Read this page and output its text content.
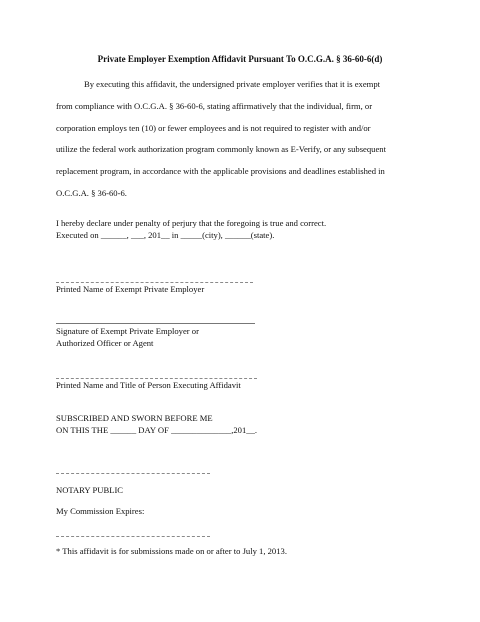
Private Employer Exemption Affidavit Pursuant To O.C.G.A. § 36-60-6(d)
By executing this affidavit, the undersigned private employer verifies that it is exempt
from compliance with O.C.G.A. § 36-60-6, stating affirmatively that the individual, firm, or
corporation employs ten (10) or fewer employees and is not required to register with and/or
utilize the federal work authorization program commonly known as E-Verify, or any subsequent
replacement program, in accordance with the applicable provisions and deadlines established in
O.C.G.A. § 36-60-6.
I hereby declare under penalty of perjury that the foregoing is true and correct.
Executed on ______, ___, 201__ in _____(city), ______(state).
Printed Name of Exempt Private Employer
Signature of Exempt Private Employer or
Authorized Officer or Agent
Printed Name and Title of Person Executing Affidavit
SUBSCRIBED AND SWORN BEFORE ME
ON THIS THE ______ DAY OF ______________,201__.
NOTARY PUBLIC
My Commission Expires:
* This affidavit is for submissions made on or after to July 1, 2013.
